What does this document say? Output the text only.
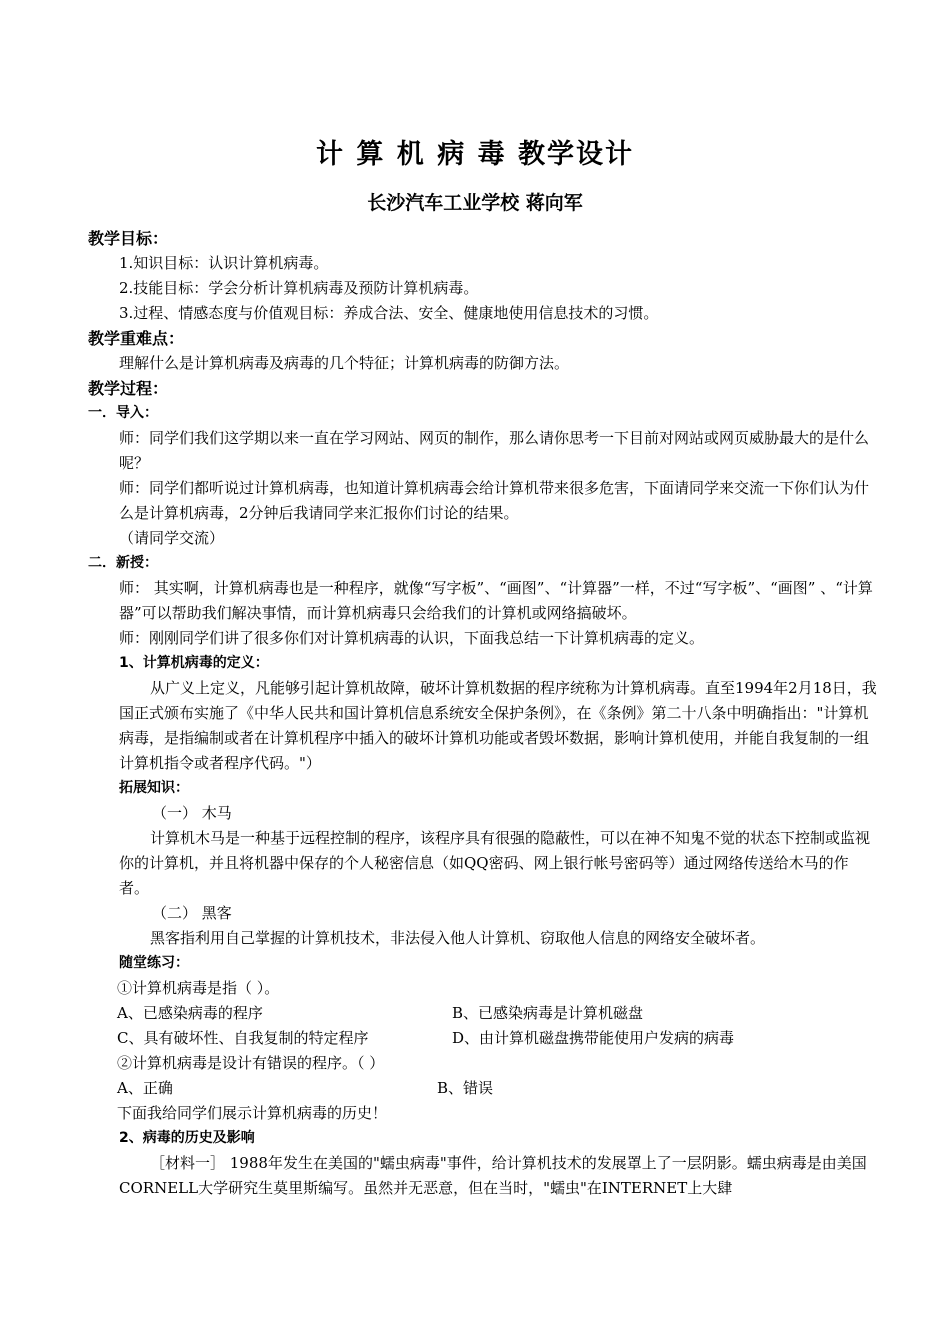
计 算 机 病 毒 教学设计
长沙汽车工业学校 蒋向军
教学目标：
1.知识目标：认识计算机病毒。
2.技能目标：学会分析计算机病毒及预防计算机病毒。
3.过程、情感态度与价值观目标：养成合法、安全、健康地使用信息技术的习惯。
教学重难点：
理解什么是计算机病毒及病毒的几个特征；计算机病毒的防御方法。
教学过程：
一．导入：
师：同学们我们这学期以来一直在学习网站、网页的制作，那么请你思考一下目前对网站或网页威胁最大的是什么呢？
师：同学们都听说过计算机病毒，也知道计算机病毒会给计算机带来很多危害，下面请同学来交流一下你们认为什么是计算机病毒，2分钟后我请同学来汇报你们讨论的结果。
（请同学交流）
二．新授：
师： 其实啊，计算机病毒也是一种程序，就像“写字板”、“画图”、“计算器”一样，不过“写字板”、“画图” 、“计算器”可以帮助我们解决事情，而计算机病毒只会给我们的计算机或网络搞破坏。
师：刚刚同学们讲了很多你们对计算机病毒的认识，下面我总结一下计算机病毒的定义。
1、计算机病毒的定义：
从广义上定义，凡能够引起计算机故障，破坏计算机数据的程序统称为计算机病毒。直至1994年2月18日，我国正式颁布实施了《中华人民共和国计算机信息系统安全保护条例》，在《条例》第二十八条中明确指出："计算机病毒，是指编制或者在计算机程序中插入的破坏计算机功能或者毁坏数据，影响计算机使用，并能自我复制的一组计算机指令或者程序代码。"）
拓展知识：
（一） 木马
计算机木马是一种基于远程控制的程序，该程序具有很强的隐蔽性，可以在神不知鬼不觉的状态下控制或监视你的计算机，并且将机器中保存的个人秘密信息（如QQ密码、网上银行帐号密码等）通过网络传送给木马的作者。
（二） 黑客
黑客指利用自己掌握的计算机技术，非法侵入他人计算机、窃取他人信息的网络安全破坏者。
随堂练习：
①计算机病毒是指（ ）。
A、已感染病毒的程序	B、已感染病毒是计算机磁盘
C、具有破坏性、自我复制的特定程序	D、由计算机磁盘携带能使用户发病的病毒
②计算机病毒是设计有错误的程序。（ ）
A、正确	B、错误
下面我给同学们展示计算机病毒的历史！
2、病毒的历史及影响
［材料一］ 1988年发生在美国的"蠕虫病毒"事件，给计算机技术的发展罩上了一层阴影。蠕虫病毒是由美国CORNELL大学研究生莫里斯编写。虽然并无恶意，但在当时，"蠕虫"在INTERNET上大肆
